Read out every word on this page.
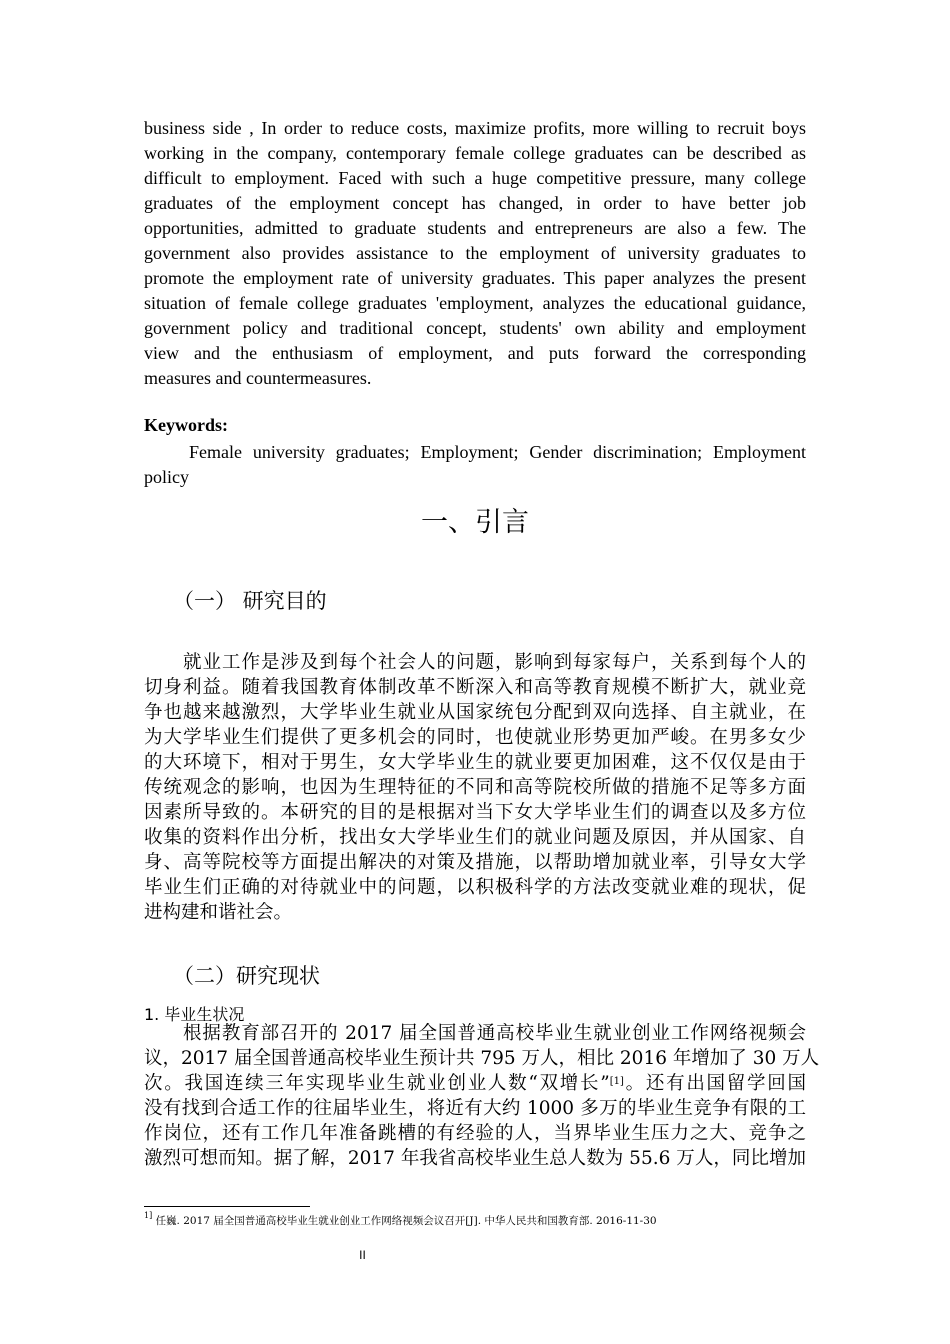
business side , In order to reduce costs, maximize profits, more willing to recruit boys
working in the company, contemporary female college graduates can be described as
difficult to employment. Faced with such a huge competitive pressure, many college
graduates of the employment concept has changed, in order to have better job
opportunities, admitted to graduate students and entrepreneurs are also a few. The
government also provides assistance to the employment of university graduates to
promote the employment rate of university graduates. This paper analyzes the present
situation of female college graduates 'employment, analyzes the educational guidance,
government policy and traditional concept, students' own ability and employment
view and the enthusiasm of employment, and puts forward the corresponding
measures and countermeasures.
Keywords:
Female university graduates; Employment; Gender discrimination; Employment
policy
一、引言
（一） 研究目的
就业工作是涉及到每个社会人的问题，影响到每家每户，关系到每个人的
切身利益。随着我国教育体制改革不断深入和高等教育规模不断扩大，就业竞
争也越来越激烈，大学毕业生就业从国家统包分配到双向选择、自主就业，在
为大学毕业生们提供了更多机会的同时，也使就业形势更加严峻。在男多女少
的大环境下，相对于男生，女大学毕业生的就业要更加困难，这不仅仅是由于
传统观念的影响，也因为生理特征的不同和高等院校所做的措施不足等多方面
因素所导致的。本研究的目的是根据对当下女大学毕业生们的调查以及多方位
收集的资料作出分析，找出女大学毕业生们的就业问题及原因，并从国家、自
身、高等院校等方面提出解决的对策及措施，以帮助增加就业率，引导女大学
毕业生们正确的对待就业中的问题，以积极科学的方法改变就业难的现状，促
进构建和谐社会。
（二）研究现状
1. 毕业生状况
根据教育部召开的 2017 届全国普通高校毕业生就业创业工作网络视频会
议，2017 届全国普通高校毕业生预计共 795 万人，相比 2016 年增加了 30 万人
次。我国连续三年实现毕业生就业创业人数“双增长”[1]。还有出国留学回国
没有找到合适工作的往届毕业生，将近有大约 1000 多万的毕业生竞争有限的工
作岗位，还有工作几年准备跳槽的有经验的人，当界毕业生压力之大、竞争之
激烈可想而知。据了解，2017 年我省高校毕业生总人数为 55.6 万人，同比增加
$^{1]}$ 任巍. 2017 届全国普通高校毕业生就业创业工作网络视频会议召开[J]. 中华人民共和国教育部. 2016-11-30
II
